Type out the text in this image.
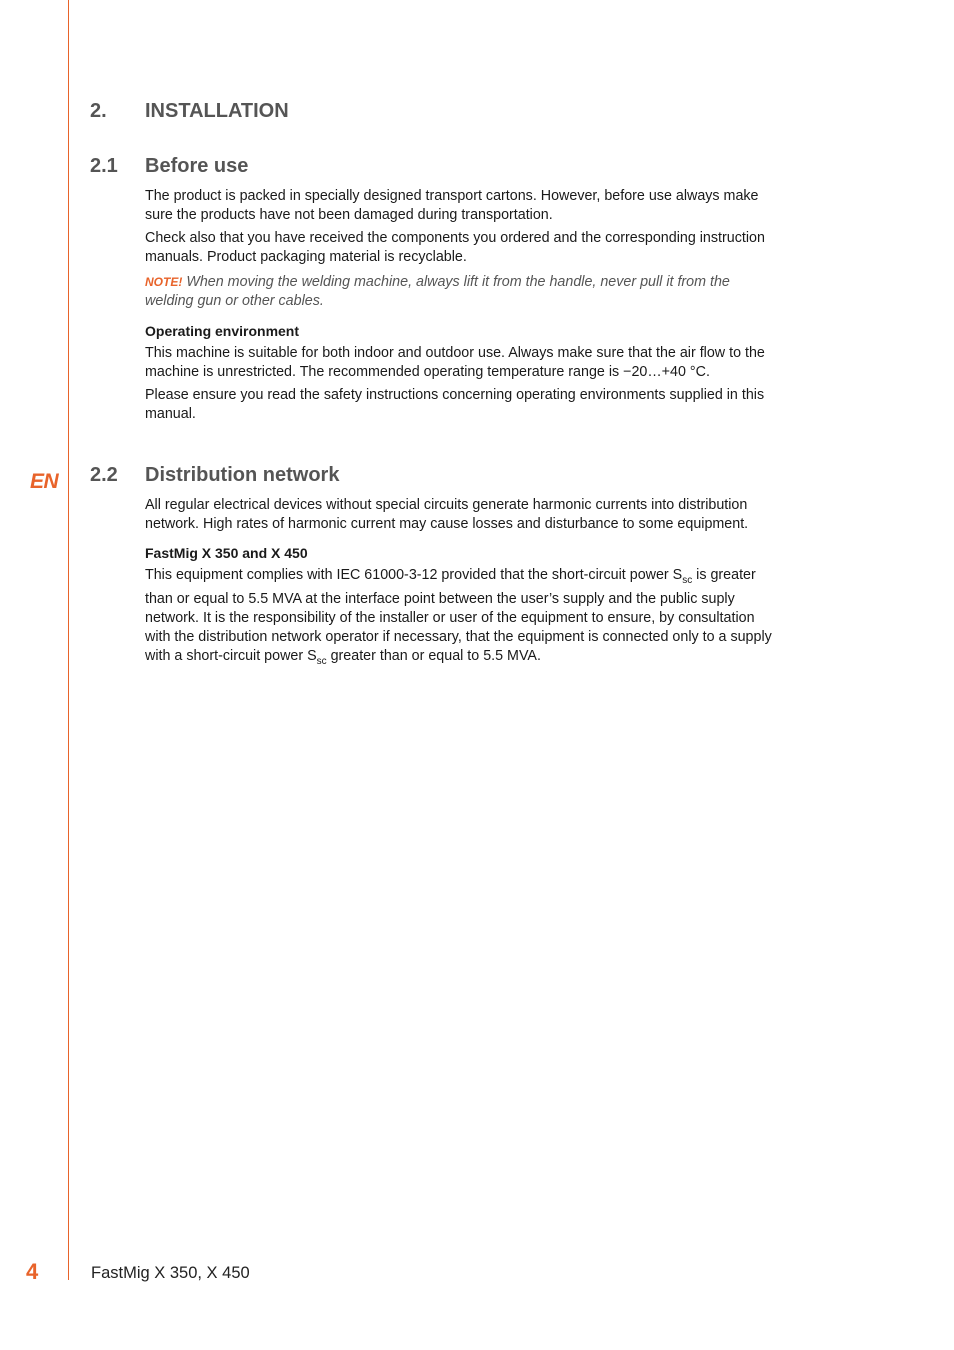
EN
2. INSTALLATION
2.1 Before use

The product is packed in specially designed transport cartons. However, before use always make sure the products have not been damaged during transportation.

Check also that you have received the components you ordered and the corresponding instruction manuals. Product packaging material is recyclable.

NOTE! When moving the welding machine, always lift it from the handle, never pull it from the welding gun or other cables.

Operating environment

This machine is suitable for both indoor and outdoor use. Always make sure that the air flow to the machine is unrestricted. The recommended operating temperature range is −20…+40 °C.

Please ensure you read the safety instructions concerning operating environments supplied in this manual.

2.2 Distribution network

All regular electrical devices without special circuits generate harmonic currents into distribution network. High rates of harmonic current may cause losses and disturbance to some equipment.

FastMig X 350 and X 450

This equipment complies with IEC 61000-3-12 provided that the short-circuit power $S_{sc}$ is greater than or equal to 5.5 MVA at the interface point between the user’s supply and the public suply network. It is the responsibility of the installer or user of the equipment to ensure, by consultation with the distribution network operator if necessary, that the equipment is connected only to a supply with a short-circuit power $S_{sc}$ greater than or equal to 5.5 MVA.

4	FastMig X 350, X 450
